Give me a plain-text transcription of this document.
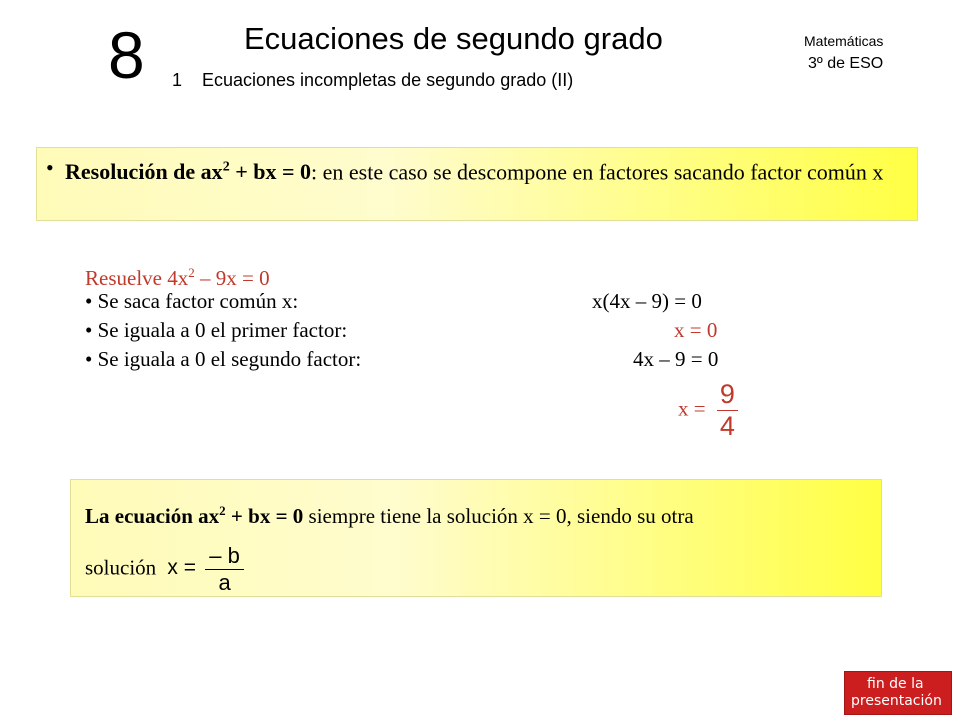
8	Ecuaciones de segundo grado
1 Ecuaciones incompletas de segundo grado (II)
Matemáticas
3º de ESO
• Resolución de $ax^2$ + bx = 0: en este caso se descompone en factores sacando factor común x
Resuelve $4x^2 - 9x = 0$
• Se saca factor común x:	x(4x – 9) = 0
• Se iguala a 0 el primer factor:	x = 0
• Se iguala a 0 el segundo factor:	4x – 9 = 0
$x = \frac{9}{4}$
La ecuación $ax^2$ + bx = 0 siempre tiene la solución x = 0, siendo su otra
solución $x = \frac{- b}{a}$
fin de la
presentación
